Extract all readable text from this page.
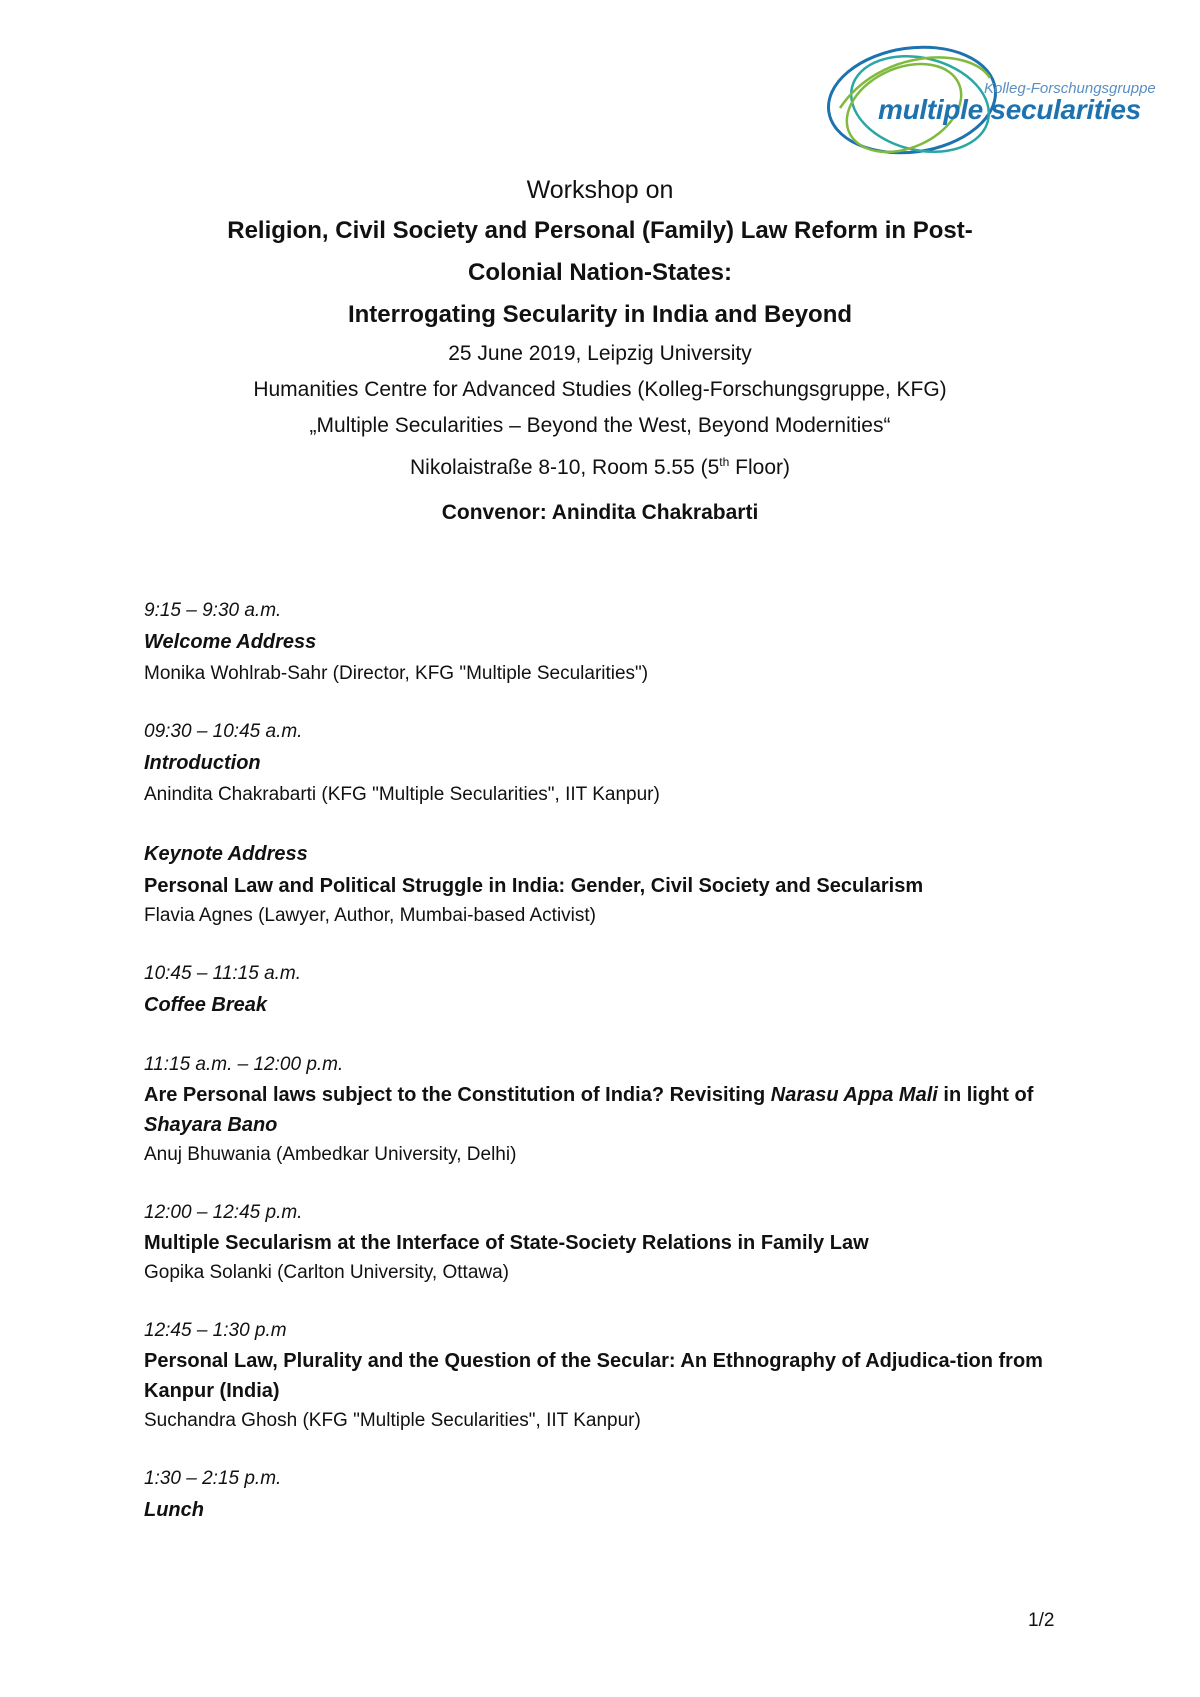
Kolleg-Forschungsgruppe
multiple secularities
Workshop on
Religion, Civil Society and Personal (Family) Law Reform in Post-
Colonial Nation-States:
Interrogating Secularity in India and Beyond
25 June 2019, Leipzig University
Humanities Centre for Advanced Studies (Kolleg-Forschungsgruppe, KFG)
„Multiple Secularities – Beyond the West, Beyond Modernities“
Nikolaistraße 8-10, Room 5.55 (5th Floor)
Convenor: Anindita Chakrabarti
9:15 – 9:30 a.m.
Welcome Address
Monika Wohlrab-Sahr (Director, KFG "Multiple Secularities")
09:30 – 10:45 a.m.
Introduction
Anindita Chakrabarti (KFG "Multiple Secularities", IIT Kanpur)
Keynote Address
Personal Law and Political Struggle in India: Gender, Civil Society and Secularism
Flavia Agnes (Lawyer, Author, Mumbai-based Activist)
10:45 – 11:15 a.m.
Coffee Break
11:15 a.m. – 12:00 p.m.
Are Personal laws subject to the Constitution of India? Revisiting Narasu Appa Mali in light of Shayara Bano
Anuj Bhuwania (Ambedkar University, Delhi)
12:00 – 12:45 p.m.
Multiple Secularism at the Interface of State-Society Relations in Family Law
Gopika Solanki (Carlton University, Ottawa)
12:45 – 1:30 p.m
Personal Law, Plurality and the Question of the Secular: An Ethnography of Adjudica-tion from Kanpur (India)
Suchandra Ghosh (KFG "Multiple Secularities", IIT Kanpur)
1:30 – 2:15 p.m.
Lunch
1/2
